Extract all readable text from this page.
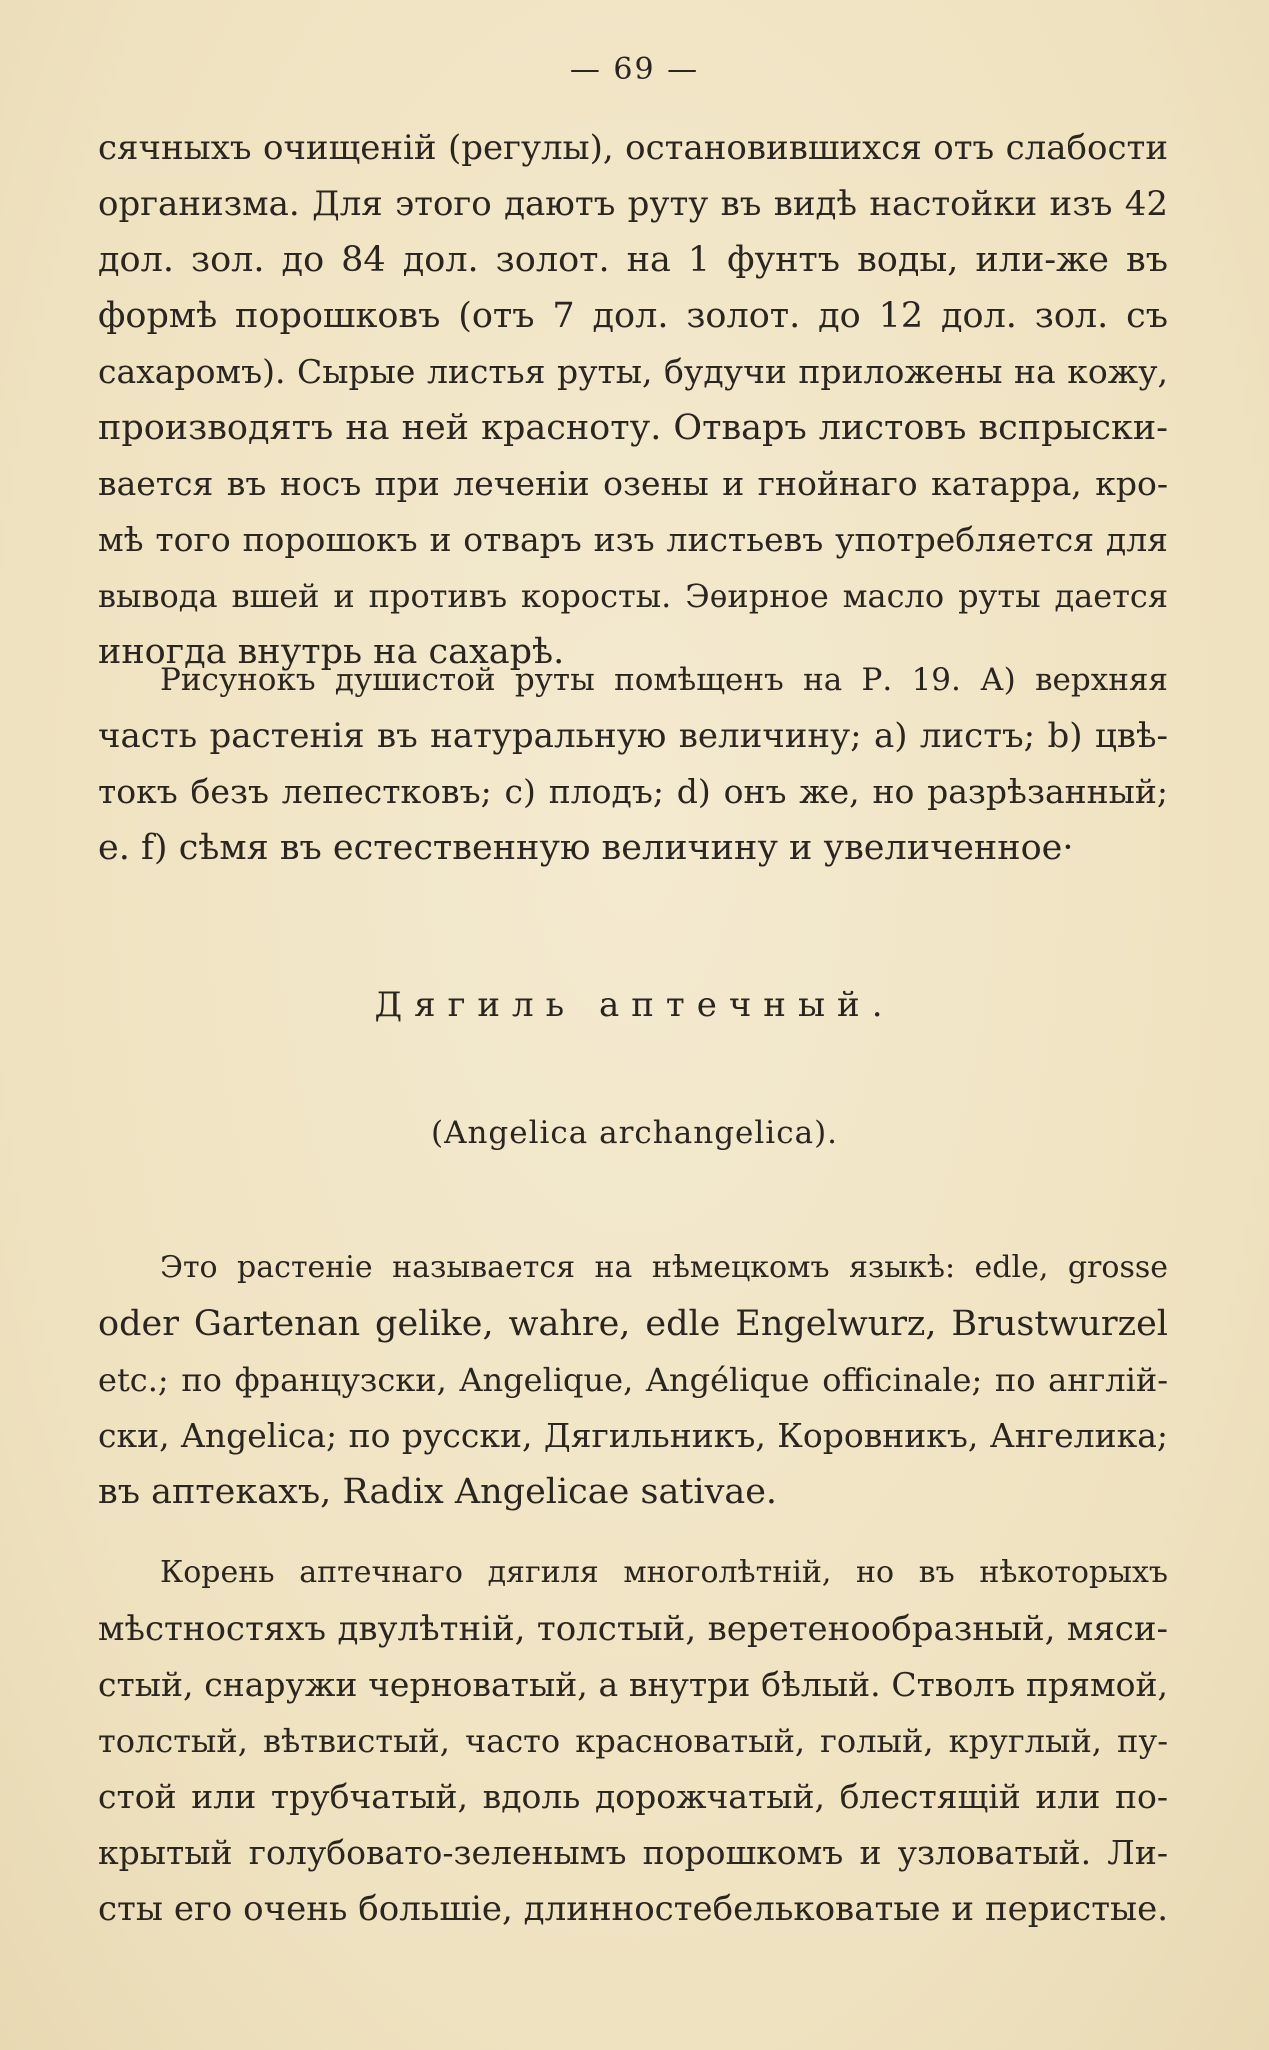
— 69 —
сячныхъ очищеній (регулы), остановившихся отъ слабости
организма. Для этого даютъ руту въ видѣ настойки изъ 42
дол. зол. до 84 дол. золот. на 1 фунтъ воды, или-же въ
формѣ порошковъ (отъ 7 дол. золот. до 12 дол. зол. съ
сахаромъ). Сырые листья руты, будучи приложены на кожу,
производятъ на ней красноту. Отваръ листовъ вспрыски-
вается въ носъ при леченіи озены и гнойнаго катарра, кро-
мѣ того порошокъ и отваръ изъ листьевъ употребляется для
вывода вшей и противъ коросты. Эѳирное масло руты дается
иногда внутрь на сахарѣ.
Рисунокъ душистой руты помѣщенъ на Р. 19. А) верхняя
часть растенія въ натуральную величину; a) листъ; b) цвѣ-
токъ безъ лепестковъ; c) плодъ; d) онъ же, но разрѣзанный;
e. f) сѣмя въ естественную величину и увеличенное·
Дягиль аптечный.
(Angelica archangelica).
Это растеніе называется на нѣмецкомъ языкѣ: edle, grosse
oder Gartenan gelike, wahre, edle Engelwurz, Brustwurzel
etc.; по французски, Angelique, Angélique officinale; по англій-
ски, Angelica; по русски, Дягильникъ, Коровникъ, Ангелика;
въ аптекахъ, Radix Angelicae sativae.
Корень аптечнаго дягиля многолѣтній, но въ нѣкоторыхъ
мѣстностяхъ двулѣтній, толстый, веретенообразный, мяси-
стый, снаружи черноватый, а внутри бѣлый. Стволъ прямой,
толстый, вѣтвистый, часто красноватый, голый, круглый, пу-
стой или трубчатый, вдоль дорожчатый, блестящій или по-
крытый голубовато-зеленымъ порошкомъ и узловатый. Ли-
сты его очень большіе, длинностебельковатые и перистые.
